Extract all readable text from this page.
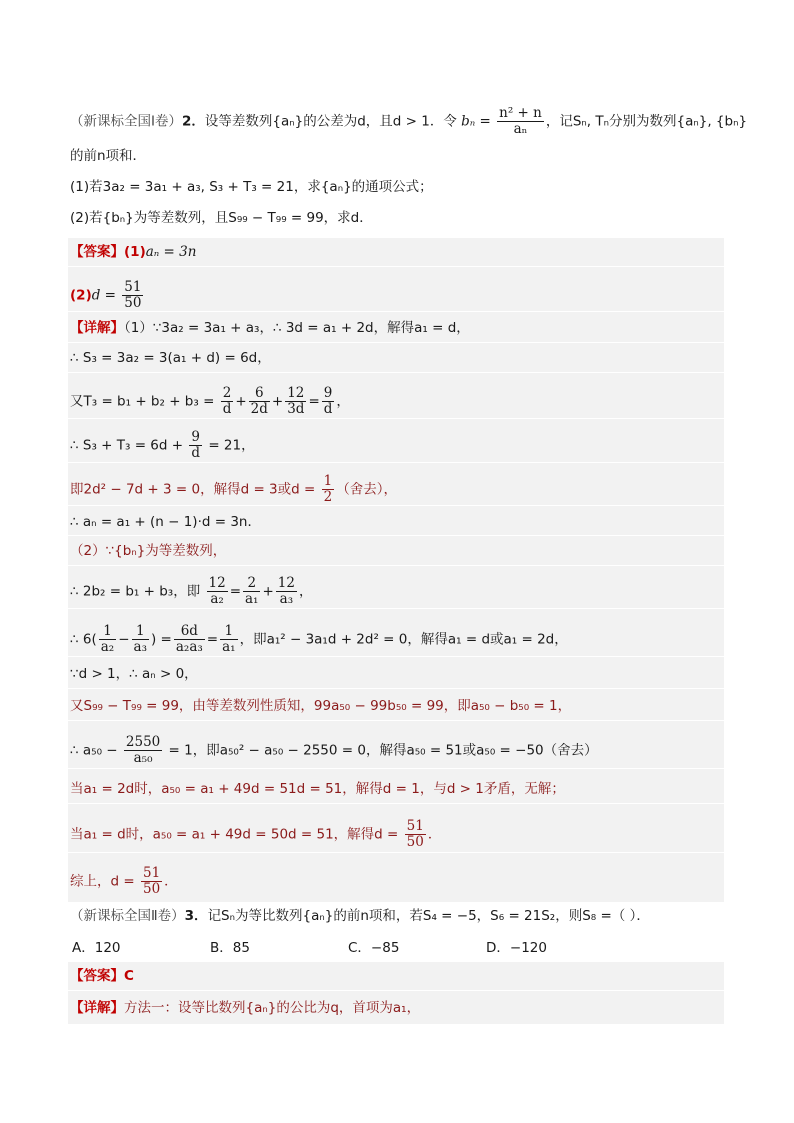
（新课标全国Ⅰ卷）2．设等差数列{aₙ}的公差为d，且d > 1．令 $b_n = \frac{\text{n² + n}}{\text{aₙ}}$ ，记Sₙ, Tₙ分别为数列{aₙ}, {bₙ}
的前n项和．
(1)若3a₂ = 3a₁ + a₃, S₃ + T₃ = 21，求{aₙ}的通项公式；
(2)若{bₙ}为等差数列，且S₉₉ − T₉₉ = 99，求d．
【答案】(1)aₙ = 3n
$(2)d = \frac{51}{50}$
【详解】（1）∵3a₂ = 3a₁ + a₃，∴ 3d = a₁ + 2d，解得a₁ = d，
∴ S₃ = 3a₂ = 3(a₁ + d) = 6d，
又$T_3 = b_1 + b_2 + b_3 = \frac{2}{d} + \frac{6}{2d} + \frac{12}{3d} = \frac{9}{d}$ ，
∴ $S_3 + T_3 = 6d + \frac{9}{d} = 21$，
即2d² − 7d + 3 = 0，解得d = 3或$d = \frac{1}{2}$ （舍去），
∴ aₙ = a₁ + (n − 1)·d = 3n．
（2）∵{bₙ}为等差数列，
∴ 2b₂ = b₁ + b₃，即 $\frac{12}{\text{a₂}} = \frac{2}{\text{a₁}} + \frac{12}{\text{a₃}}$ ，
∴ $6( \frac{1}{\text{a₂}} - \frac{1}{\text{a₃}}$ ) = $\frac{6d}{\text{a₂a₃}} = \frac{1}{\text{a₁}}$ ，即a₁² − 3a₁d + 2d² = 0，解得a₁ = d或a₁ = 2d，
∵d > 1，∴ aₙ > 0，
又S₉₉ − T₉₉ = 99，由等差数列性质知，99a₅₀ − 99b₅₀ = 99，即a₅₀ − b₅₀ = 1，
∴ $a_{50} - \frac{2550}{\text{a₅₀}} = 1$，即a₅₀² − a₅₀ − 2550 = 0，解得a₅₀ = 51或a₅₀ = −50（舍去）
当a₁ = 2d时，a₅₀ = a₁ + 49d = 51d = 51，解得d = 1，与d > 1矛盾，无解；
当a₁ = d时，a₅₀ = a₁ + 49d = 50d = 51，解得$d = \frac{51}{50}$ ．
综上，$d = \frac{51}{50}$ ．
（新课标全国Ⅱ卷）3．记Sₙ为等比数列{aₙ}的前n项和，若S₄ = −5，S₆ = 21S₂，则S₈ =（ ）．
A．120	B．85	C．−85	D．−120
【答案】C
【详解】方法一：设等比数列{aₙ}的公比为q，首项为a₁，
